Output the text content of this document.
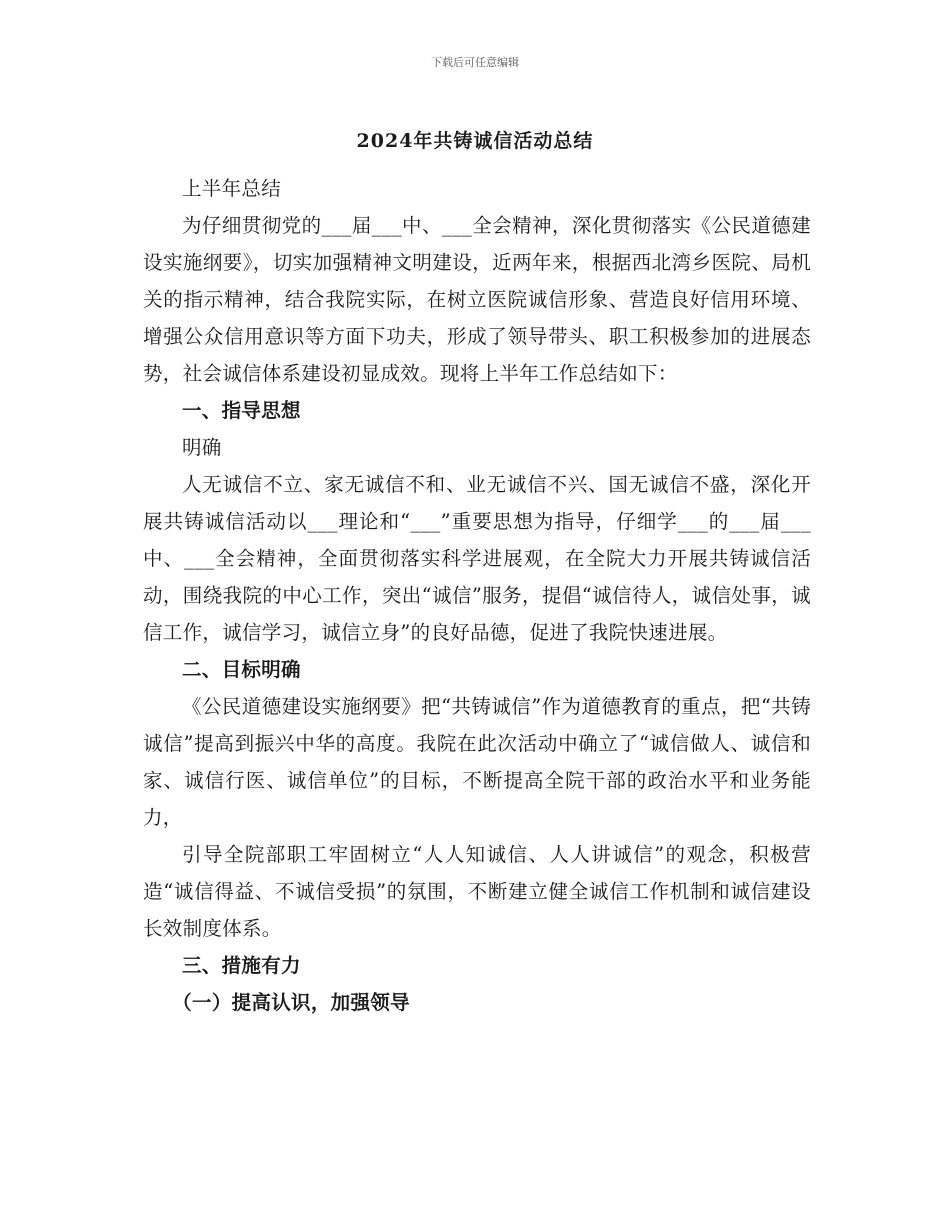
下载后可任意编辑
2024年共铸诚信活动总结

上半年总结

为仔细贯彻党的___届___中、___全会精神，深化贯彻落实《公民道德建设实施纲要》，切实加强精神文明建设，近两年来，根据西北湾乡医院、局机关的指示精神，结合我院实际，在树立医院诚信形象、营造良好信用环境、增强公众信用意识等方面下功夫，形成了领导带头、职工积极参加的进展态势，社会诚信体系建设初显成效。现将上半年工作总结如下：

一、指导思想

明确

人无诚信不立、家无诚信不和、业无诚信不兴、国无诚信不盛，深化开展共铸诚信活动以___理论和“___”重要思想为指导，仔细学___的___届___中、___全会精神，全面贯彻落实科学进展观，在全院大力开展共铸诚信活动，围绕我院的中心工作，突出“诚信”服务，提倡“诚信待人，诚信处事，诚信工作，诚信学习，诚信立身”的良好品德，促进了我院快速进展。

二、目标明确

《公民道德建设实施纲要》把“共铸诚信”作为道德教育的重点，把“共铸诚信”提高到振兴中华的高度。我院在此次活动中确立了“诚信做人、诚信和家、诚信行医、诚信单位”的目标，不断提高全院干部的政治水平和业务能力，

引导全院部职工牢固树立“人人知诚信、人人讲诚信”的观念，积极营造“诚信得益、不诚信受损”的氛围，不断建立健全诚信工作机制和诚信建设长效制度体系。

三、措施有力

（一）提高认识，加强领导
